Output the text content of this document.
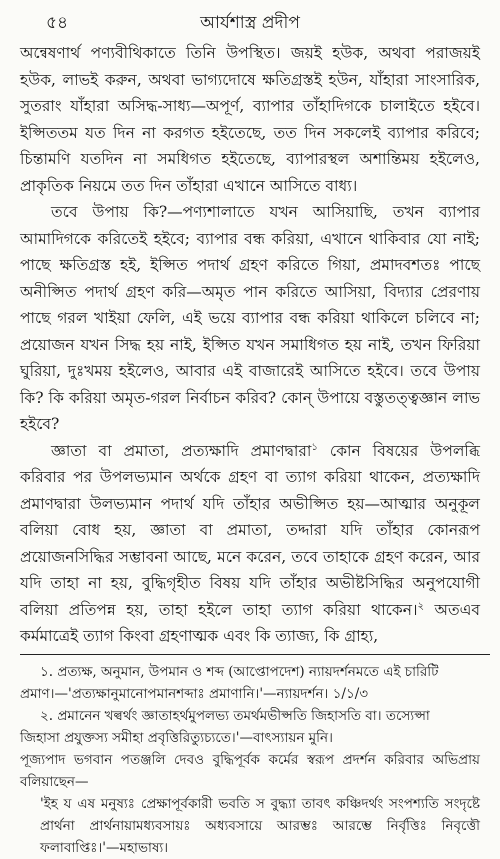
৫৪	আর্যশাস্ত্র প্রদীপ

অন্বেষণার্থ পণ্যবীথিকাতে তিনি উপস্থিত। জয়ই হউক, অথবা পরাজয়ই হউক, লাভই করুন, অথবা ভাগ্যদোষে ক্ষতিগ্রস্তই হউন, যাঁহারা সাংসারিক, সুতরাং যাঁহারা অসিদ্ধ-সাধ্য—অপূর্ণ, ব্যাপার তাঁহাদিগকে চালাইতে হইবে। ইপ্সিততম যত দিন না করগত হইতেছে, তত দিন সকলেই ব্যাপার করিবে; চিন্তামণি যতদিন না সমধিগত হইতেছে, ব্যাপারস্থল অশান্তিময় হইলেও, প্রাকৃতিক নিয়মে তত দিন তাঁহারা এখানে আসিতে বাধ্য।

তবে উপায় কি?—পণ্যশালাতে যখন আসিয়াছি, তখন ব্যাপার আমাদিগকে করিতেই হইবে; ব্যাপার বন্ধ করিয়া, এখানে থাকিবার যো নাই; পাছে ক্ষতিগ্রস্ত হই, ইপ্সিত পদার্থ গ্রহণ করিতে গিয়া, প্রমাদবশতঃ পাছে অনীপ্সিত পদার্থ গ্রহণ করি—অমৃত পান করিতে আসিয়া, বিদ্যার প্রেরণায় পাছে গরল খাইয়া ফেলি, এই ভয়ে ব্যাপার বন্ধ করিয়া থাকিলে চলিবে না; প্রয়োজন যখন সিদ্ধ হয় নাই, ইপ্সিত যখন সমাধিগত হয় নাই, তখন ফিরিয়া ঘুরিয়া, দুঃখময় হইলেও, আবার এই বাজারেই আসিতে হইবে। তবে উপায় কি? কি করিয়া অমৃত-গরল নির্বাচন করিব? কোন্ উপায়ে বস্তুতত্ত্বজ্ঞান লাভ হইবে?

জ্ঞাতা বা প্রমাতা, প্রত্যক্ষাদি প্রমাণদ্বারা$^১$ কোন বিষয়ের উপলব্ধি করিবার পর উপলভ্যমান অর্থকে গ্রহণ বা ত্যাগ করিয়া থাকেন, প্রত্যক্ষাদি প্রমাণদ্বারা উলভ্যমান পদার্থ যদি তাঁহার অভীপ্সিত হয়—আত্মার অনুকূল বলিয়া বোধ হয়, জ্ঞাতা বা প্রমাতা, তদ্দারা যদি তাঁহার কোনরূপ প্রয়োজনসিদ্ধির সম্ভাবনা আছে, মনে করেন, তবে তাহাকে গ্রহণ করেন, আর যদি তাহা না হয়, বুদ্ধিগৃহীত বিষয় যদি তাঁহার অভীষ্টসিদ্ধির অনুপযোগী বলিয়া প্রতিপন্ন হয়, তাহা হইলে তাহা ত্যাগ করিয়া থাকেন।$^২$ অতএব কর্মমাত্রেই ত্যাগ কিংবা গ্রহণাত্মক এবং কি ত্যাজ্য, কি গ্রাহ্য,

১. প্রত্যক্ষ, অনুমান, উপমান ও শব্দ (আপ্তোপদেশ) ন্যায়দর্শনমতে এই চারিটি

প্রমাণ।—'প্রত্যক্ষানুমানোপমানশব্দাঃ প্রমাণানি।'—ন্যায়দর্শন। ১/১/৩

২. প্রমানেন খল্বর্থং জ্ঞাতাহর্থমুপলভ্য তমর্থমভীপ্সতি জিহাসতি বা। তস্যেপ্সা

জিহাসা প্রযুক্তস্য সমীহা প্রবৃত্তিরিত্যুচ্যতে।'—বাৎস্যায়ন মুনি।

পূজ্যপাদ ভগবান পতঞ্জলি দেবও বুদ্ধিপূর্বক কর্মের স্বরূপ প্রদর্শন করিবার অভিপ্রায় বলিয়াছেন—

'ইহ য এষ মনুষ্যঃ প্রেক্ষাপূর্বকারী ভবতি স বুদ্ধ্যা তাবৎ কঞ্চিদর্থং সংপশ্যতি সংদৃষ্টে প্রার্থনা প্রার্থনায়ামধ্যবসায়ঃ অধ্যবসায়ে আরম্ভঃ আরম্ভে নির্বৃত্তিঃ নিবৃত্তৌ ফলাবাপ্তিঃ।'—মহাভাষ্য।
